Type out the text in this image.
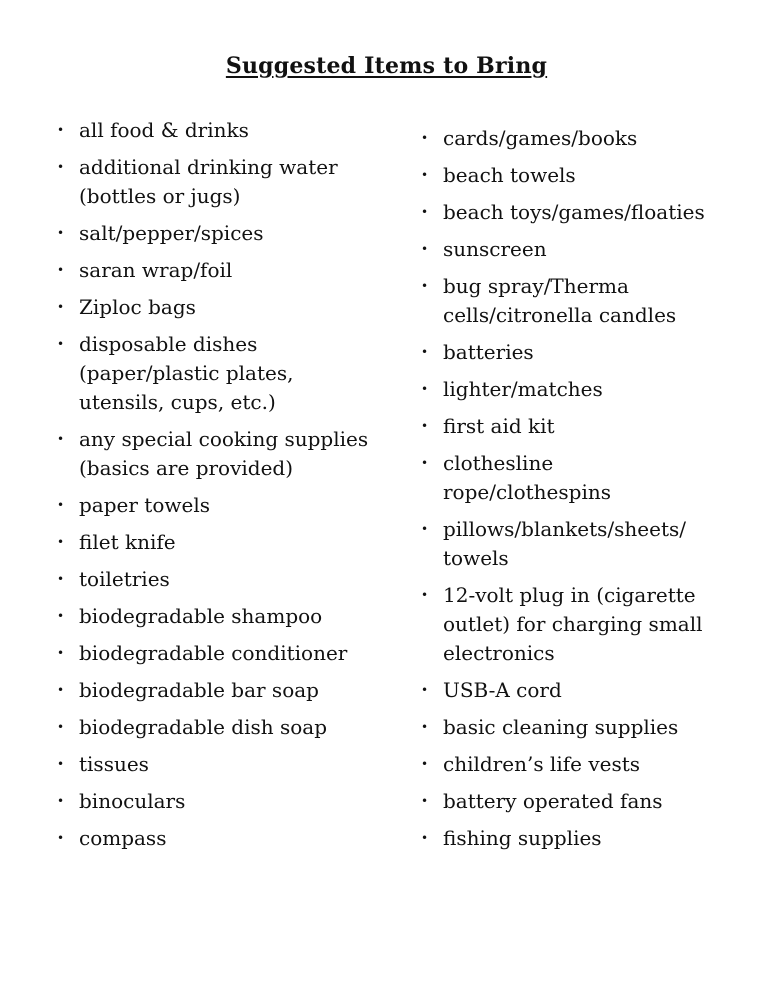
Suggested Items to Bring
• all food & drinks
• additional drinking water (bottles or jugs)
• salt/pepper/spices
• saran wrap/foil
• Ziploc bags
• disposable dishes (paper/plastic plates, utensils, cups, etc.)
• any special cooking supplies (basics are provided)
• paper towels
• filet knife
• toiletries
• biodegradable shampoo
• biodegradable conditioner
• biodegradable bar soap
• biodegradable dish soap
• tissues
• binoculars
• compass
• cards/games/books
• beach towels
• beach toys/games/floaties
• sunscreen
• bug spray/Therma cells/citronella candles
• batteries
• lighter/matches
• first aid kit
• clothesline rope/clothespins
• pillows/blankets/sheets/ towels
• 12-volt plug in (cigarette outlet) for charging small electronics
• USB-A cord
• basic cleaning supplies
• children’s life vests
• battery operated fans
• fishing supplies
